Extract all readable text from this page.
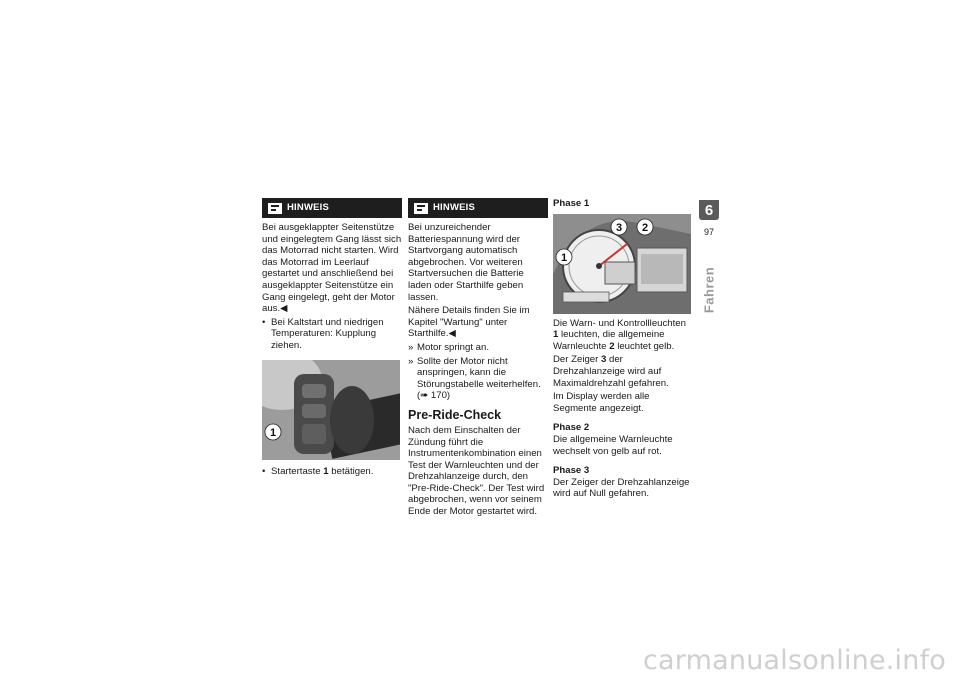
HINWEIS

Bei ausgeklappter Seitenstütze und eingelegtem Gang lässt sich das Motorrad nicht starten. Wird das Motorrad im Leerlauf gestartet und anschließend bei ausgeklappter Seitenstütze ein Gang eingelegt, geht der Motor aus.◀

• Bei Kaltstart und niedrigen Temperaturen: Kupplung ziehen.
1
• Startertaste 1 betätigen.
HINWEIS

Bei unzureichender Batteriespannung wird der Startvorgang automatisch abgebrochen. Vor weiteren Startversuchen die Batterie laden oder Starthilfe geben lassen.

Nähere Details finden Sie im Kapitel "Wartung" unter Starthilfe.◀

» Motor springt an.
» Sollte der Motor nicht anspringen, kann die Störungstabelle weiterhelfen. (➠ 170)
Pre-Ride-Check

Nach dem Einschalten der Zündung führt die Instrumentenkombination einen Test der Warnleuchten und der Drehzahlanzeige durch, den "Pre-Ride-Check". Der Test wird abgebrochen, wenn vor seinem Ende der Motor gestartet wird.

Phase 1
1
2
3

Die Warn- und Kontrollleuchten
1 leuchten, die allgemeine Warnleuchte 2 leuchtet gelb.

Der Zeiger 3 der Drehzahlanzeige wird auf Maximaldrehzahl gefahren.

Im Display werden alle Segmente angezeigt.

Phase 2

Die allgemeine Warnleuchte wechselt von gelb auf rot.

Phase 3

Der Zeiger der Drehzahlanzeige wird auf Null gefahren.

6
97
Fahren
carmanualsonline.info
